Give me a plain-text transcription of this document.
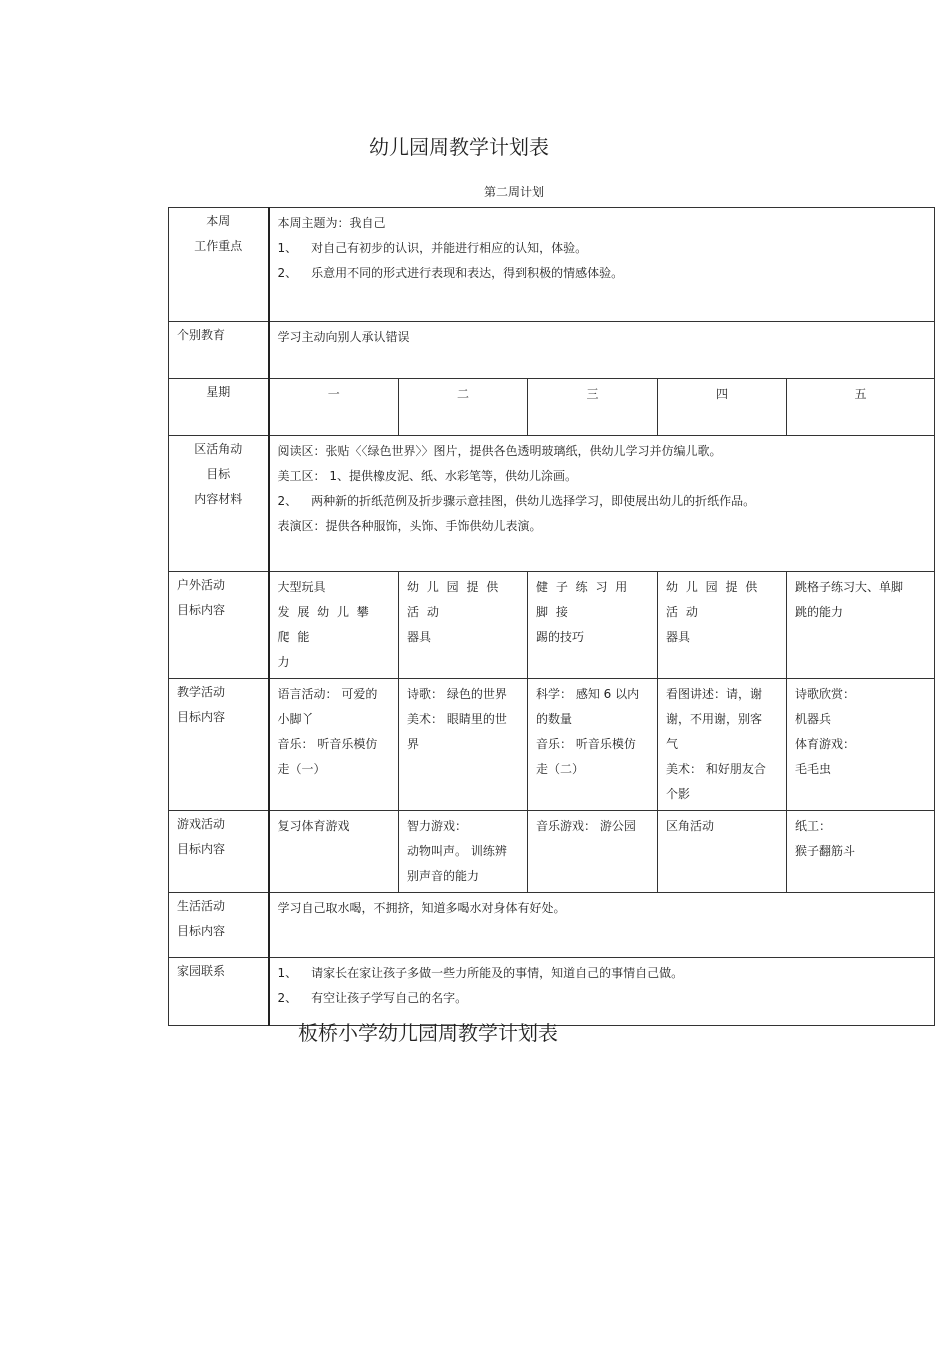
幼儿园周教学计划表
第二周计划
本周
工作重点	本周主题为：我自己
1、 对自己有初步的认识，并能进行相应的认知，体验。
2、 乐意用不同的形式进行表现和表达，得到积极的情感体验。				

个别教育	学习主动向别人承认错误				
星期	一	二	三	四	五

区活角动
目标
内容材料	阅读区：张贴〈〈绿色世界〉〉图片，提供各色透明玻璃纸，供幼儿学习并仿编儿歌。
美工区： 1、提供橡皮泥、纸、水彩笔等，供幼儿涂画。
2、 两种新的折纸范例及折步骤示意挂图，供幼儿选择学习，即使展出幼儿的折纸作品。
表演区：提供各种服饰，头饰、手饰供幼儿表演。				

户外活动
目标内容	大型玩具
发 展 幼 儿 攀 爬 能
力	幼 儿 园 提 供 活 动
器具	健 子 练 习 用 脚 接
踢的技巧	幼 儿 园 提 供 活 动
器具	跳格子练习大、单脚
跳的能力

教学活动
目标内容	语言活动： 可爱的
小脚丫
音乐： 听音乐模仿
走（一）	诗歌： 绿色的世界
美术： 眼睛里的世
界	科学： 感知 6 以内
的数量
音乐： 听音乐模仿
走（二）	看图讲述：请，谢
谢，不用谢，别客
气
美术： 和好朋友合
个影	诗歌欣赏：
机器兵
体育游戏：
毛毛虫

游戏活动
目标内容	复习体育游戏	智力游戏：
动物叫声。 训练辨
别声音的能力	音乐游戏： 游公园	区角活动	纸工：
猴子翻筋斗

生活活动
目标内容	学习自己取水喝，不拥挤，知道多喝水对身体有好处。				
家园联系	1、 请家长在家让孩子多做一些力所能及的事情，知道自己的事情自己做。
2、 有空让孩子学写自己的名字。				
板桥小学幼儿园周教学计划表
